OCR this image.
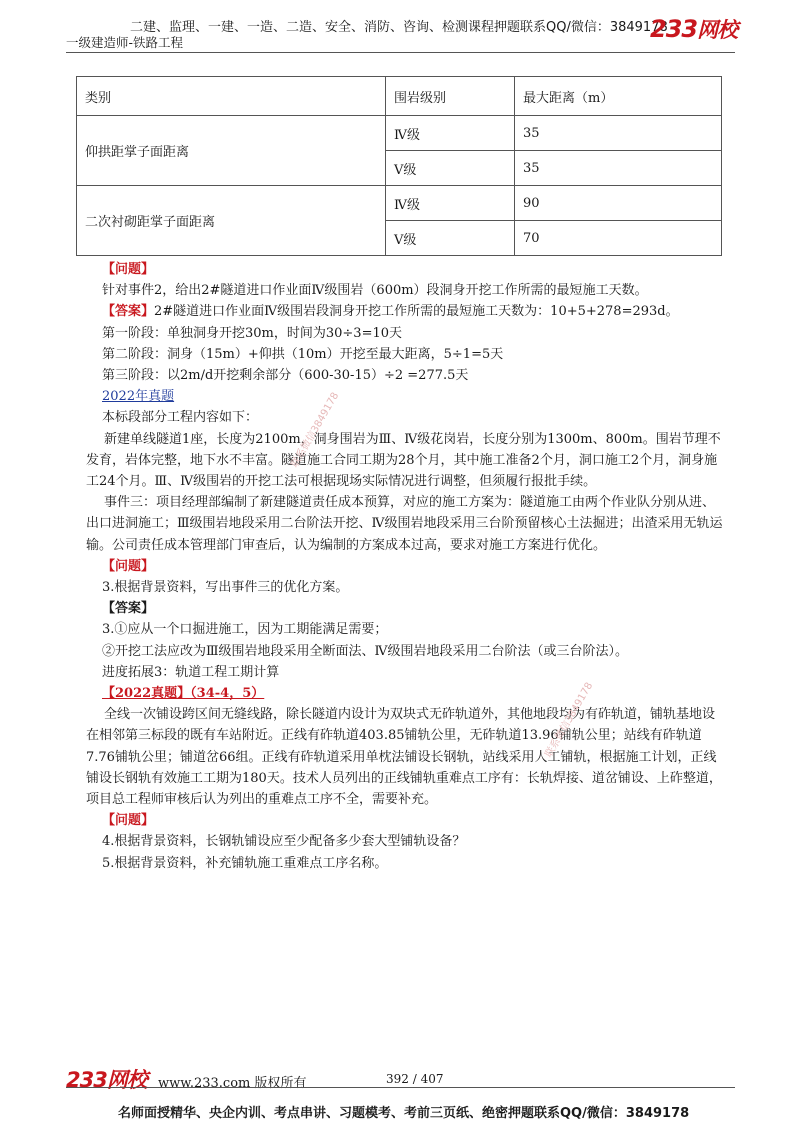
二建、监理、一建、一造、二造、安全、消防、咨询、检测课程押题联系QQ/微信：3849178
一级建造师-铁路工程	233网校
类别	围岩级别	最大距离（m）
仰拱距掌子面距离	Ⅳ级	35
	Ⅴ级	35
二次衬砌距掌子面距离	Ⅳ级	90
	Ⅴ级	70

【问题】

针对事件2，给出2#隧道进口作业面Ⅳ级围岩（600m）段洞身开挖工作所需的最短施工天数。

【答案】2#隧道进口作业面Ⅳ级围岩段洞身开挖工作所需的最短施工天数为：10+5+278=293d。

第一阶段：单独洞身开挖30m，时间为30÷3=10天

第二阶段：洞身（15m）+仰拱（10m）开挖至最大距离，5÷1=5天

第三阶段：以2m/d开挖剩余部分（600-30-15）÷2 =277.5天

2022年真题

本标段部分工程内容如下：

新建单线隧道1座，长度为2100m，洞身围岩为Ⅲ、Ⅳ级花岗岩，长度分别为1300m、800m。围岩节理不发育，岩体完整，地下水不丰富。隧道施工合同工期为28个月，其中施工准备2个月，洞口施工2个月，洞身施工24个月。Ⅲ、Ⅳ级围岩的开挖工法可根据现场实际情况进行调整，但须履行报批手续。

事件三：项目经理部编制了新建隧道责任成本预算，对应的施工方案为：隧道施工由两个作业队分别从进、出口进洞施工；Ⅲ级围岩地段采用二台阶法开挖、Ⅳ级围岩地段采用三台阶预留核心土法掘进；出渣采用无轨运输。公司责任成本管理部门审查后，认为编制的方案成本过高，要求对施工方案进行优化。

【问题】

3.根据背景资料，写出事件三的优化方案。

【答案】

3.①应从一个口掘进施工，因为工期能满足需要；

②开挖工法应改为Ⅲ级围岩地段采用全断面法、Ⅳ级围岩地段采用二台阶法（或三台阶法）。

进度拓展3：轨道工程工期计算

【2022真题】（34-4，5）

全线一次铺设跨区间无缝线路，除长隧道内设计为双块式无砟轨道外，其他地段均为有砟轨道，铺轨基地设在相邻第三标段的既有车站附近。正线有砟轨道403.85铺轨公里，无砟轨道13.96铺轨公里；站线有砟轨道7.76铺轨公里；铺道岔66组。正线有砟轨道采用单枕法铺设长钢轨，站线采用人工铺轨，根据施工计划，正线铺设长钢轨有效施工工期为180天。技术人员列出的正线铺轨重难点工序有：长轨焊接、道岔铺设、上砟整道，项目总工程师审核后认为列出的重难点工序不全，需要补充。

【问题】

4.根据背景资料，长钢轨铺设应至少配备多少套大型铺轨设备？

5.根据背景资料，补充铺轨施工重难点工序名称。

联系微信3849178
联系微信3849178
233网校 www.233.com 版权所有	392 / 407
名师面授精华、央企内训、考点串讲、习题模考、考前三页纸、绝密押题联系QQ/微信：3849178
